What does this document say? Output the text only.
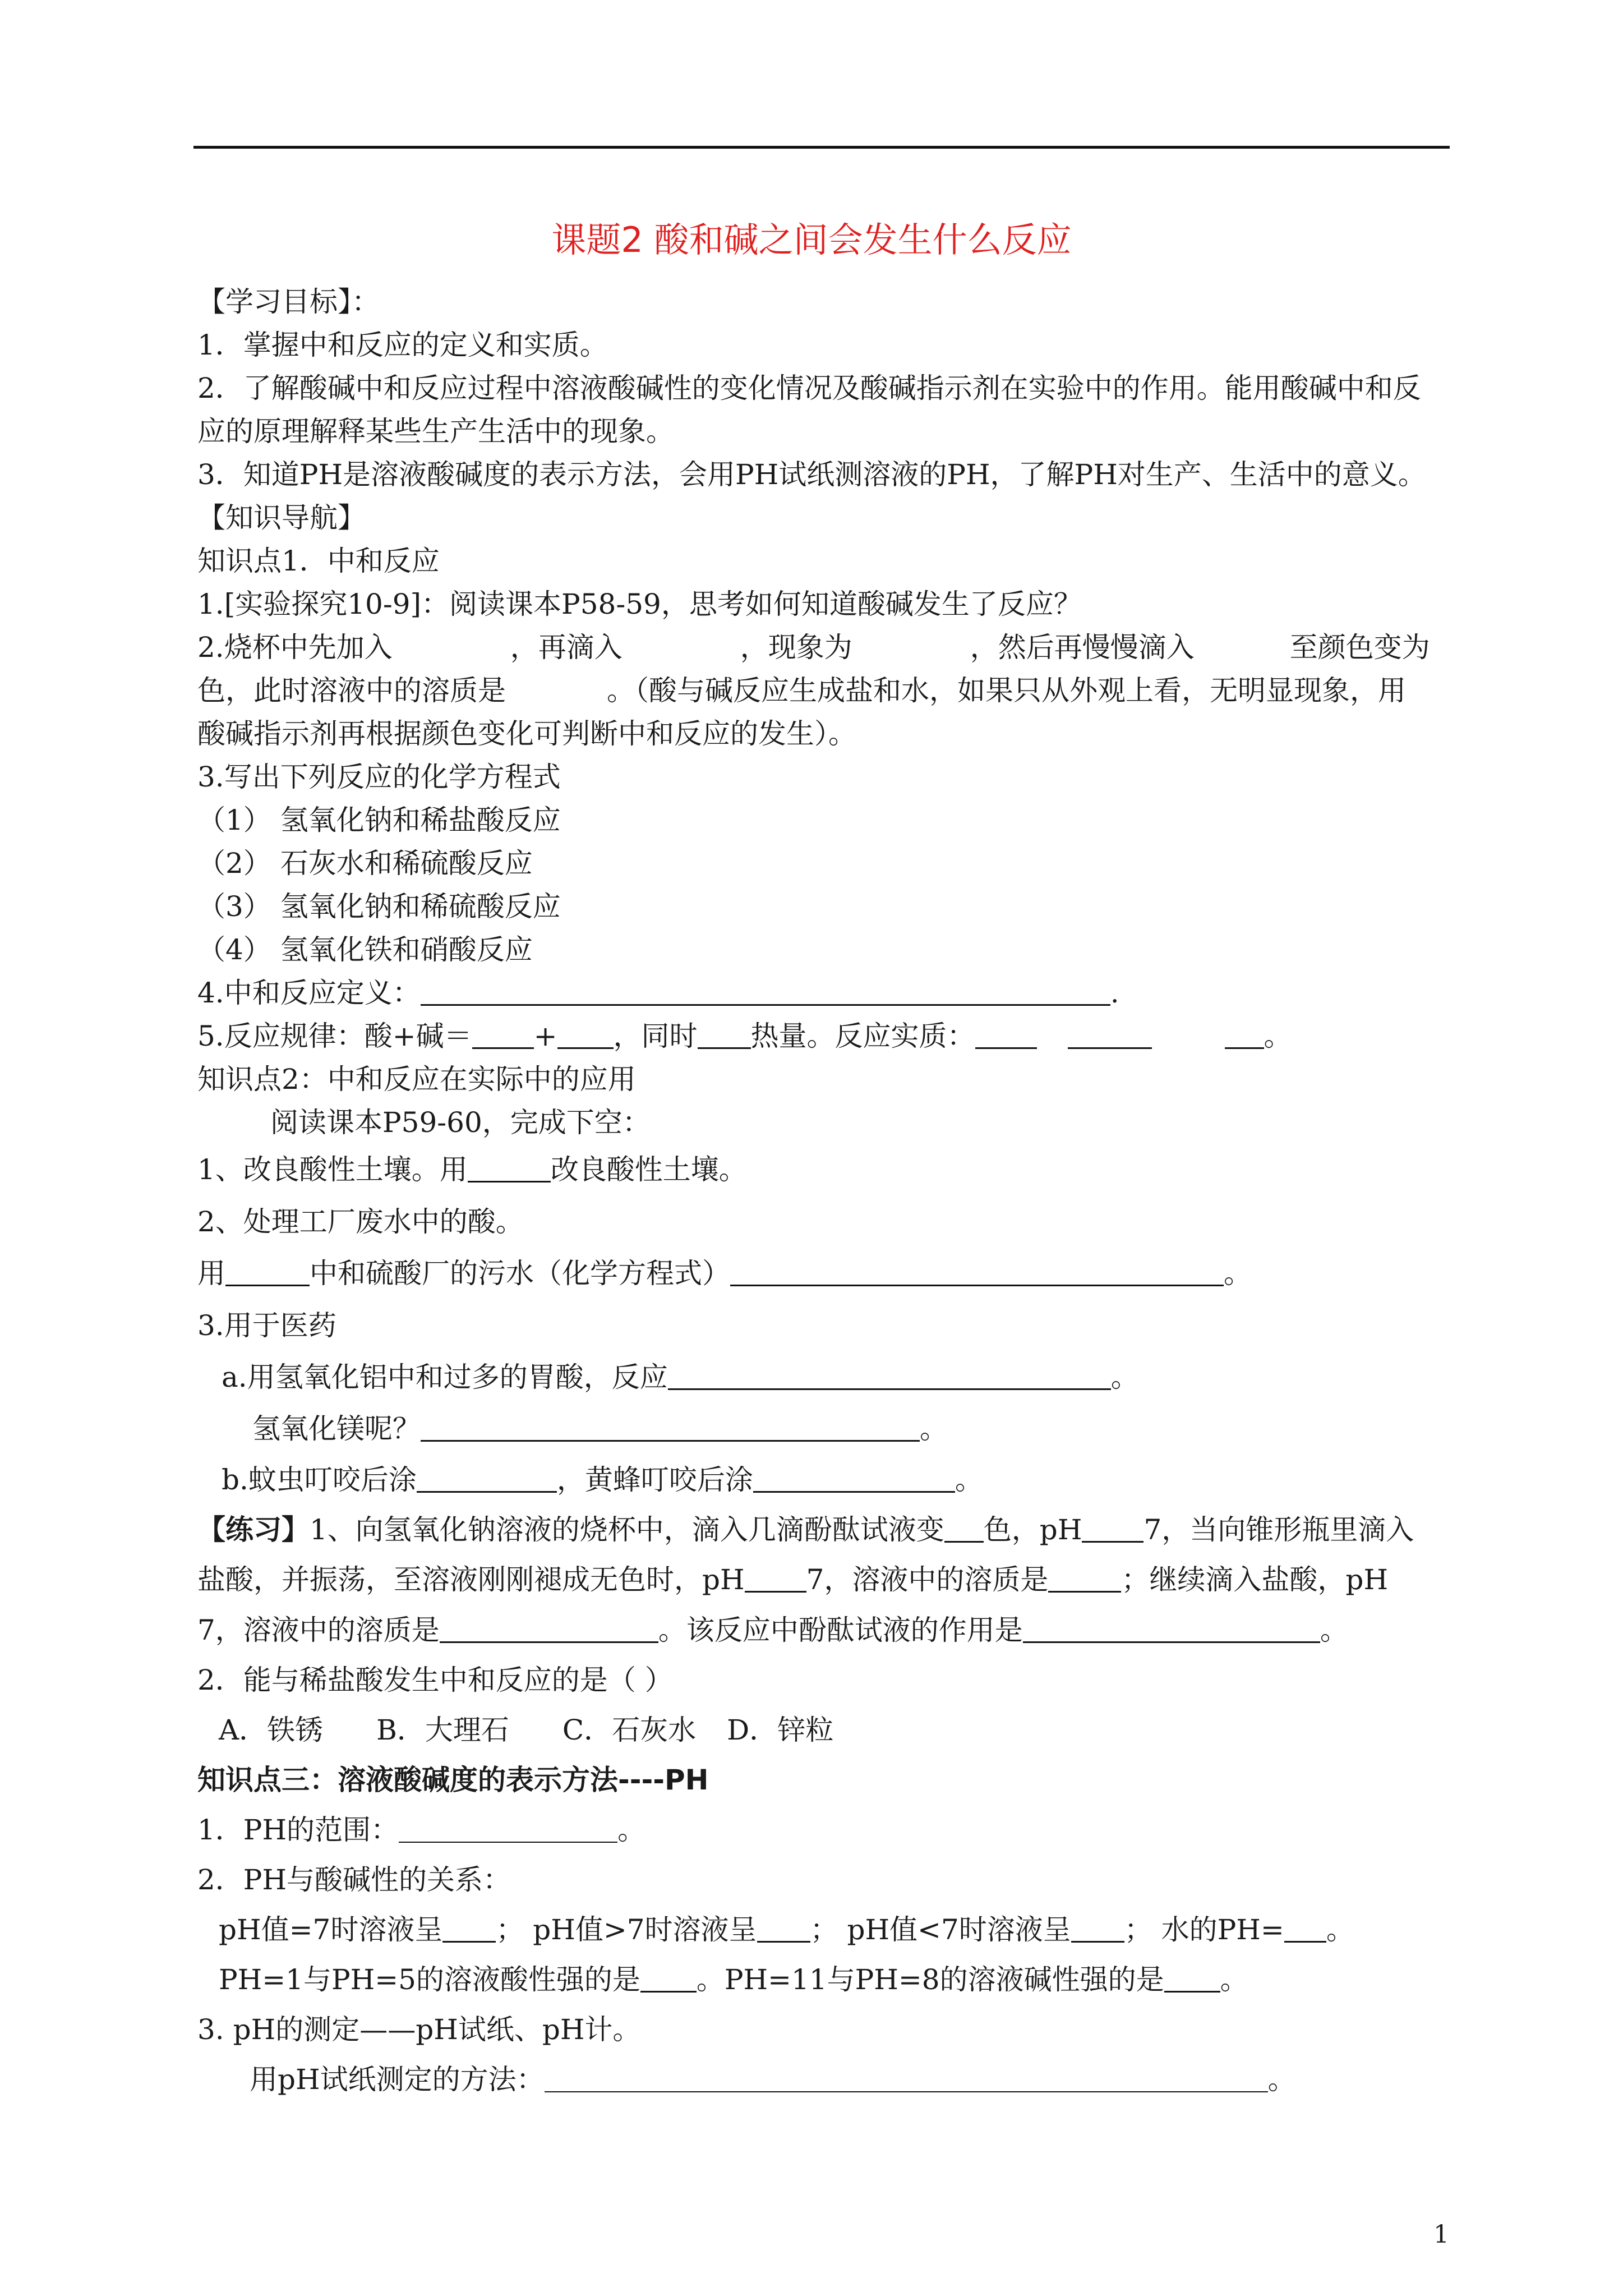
课题2 酸和碱之间会发生什么反应
【学习目标】：
1．掌握中和反应的定义和实质。
2．了解酸碱中和反应过程中溶液酸碱性的变化情况及酸碱指示剂在实验中的作用。能用酸碱中和反
应的原理解释某些生产生活中的现象。
3．知道PH是溶液酸碱度的表示方法，会用PH试纸测溶液的PH，了解PH对生产、生活中的意义。
【知识导航】
知识点1．中和反应
1.[实验探究10-9]：阅读课本P58-59，思考如何知道酸碱发生了反应？
2.烧杯中先加入	，再滴入	，现象为	，然后再慢慢滴入	至颜色变为
色，此时溶液中的溶质是	。（酸与碱反应生成盐和水，如果只从外观上看，无明显现象，用
酸碱指示剂再根据颜色变化可判断中和反应的发生）。
3.写出下列反应的化学方程式
（1） 氢氧化钠和稀盐酸反应
（2） 石灰水和稀硫酸反应
（3） 氢氧化钠和稀硫酸反应
（4） 氢氧化铁和硝酸反应
4.中和反应定义：	.
5.反应规律：酸+碱＝ + ，同时 热量。反应实质：	。
知识点2：中和反应在实际中的应用
阅读课本P59-60，完成下空：
1、改良酸性土壤。用	改良酸性土壤。
2、处理工厂废水中的酸。
用	中和硫酸厂的污水（化学方程式）	。
3.用于医药
a.用氢氧化铝中和过多的胃酸，反应	。
氢氧化镁呢？	。
b.蚊虫叮咬后涂	，黄蜂叮咬后涂	。
【练习】1、向氢氧化钠溶液的烧杯中，滴入几滴酚酞试液变 色，pH 7，当向锥形瓶里滴入
盐酸，并振荡，至溶液刚刚褪成无色时，pH 7，溶液中的溶质是	；继续滴入盐酸，pH
7，溶液中的溶质是	。该反应中酚酞试液的作用是	。
2．能与稀盐酸发生中和反应的是（ ）
A．铁锈 B．大理石 C．石灰水 D．锌粒
知识点三：溶液酸碱度的表示方法----PH
1．PH的范围：	。
2．PH与酸碱性的关系：
pH值=7时溶液呈 ； pH值>7时溶液呈 ； pH值<7时溶液呈 ； 水的PH= 。
PH=1与PH=5的溶液酸性强的是 。PH=11与PH=8的溶液碱性强的是 。
3. pH的测定——pH试纸、pH计。
用pH试纸测定的方法：	。
1
